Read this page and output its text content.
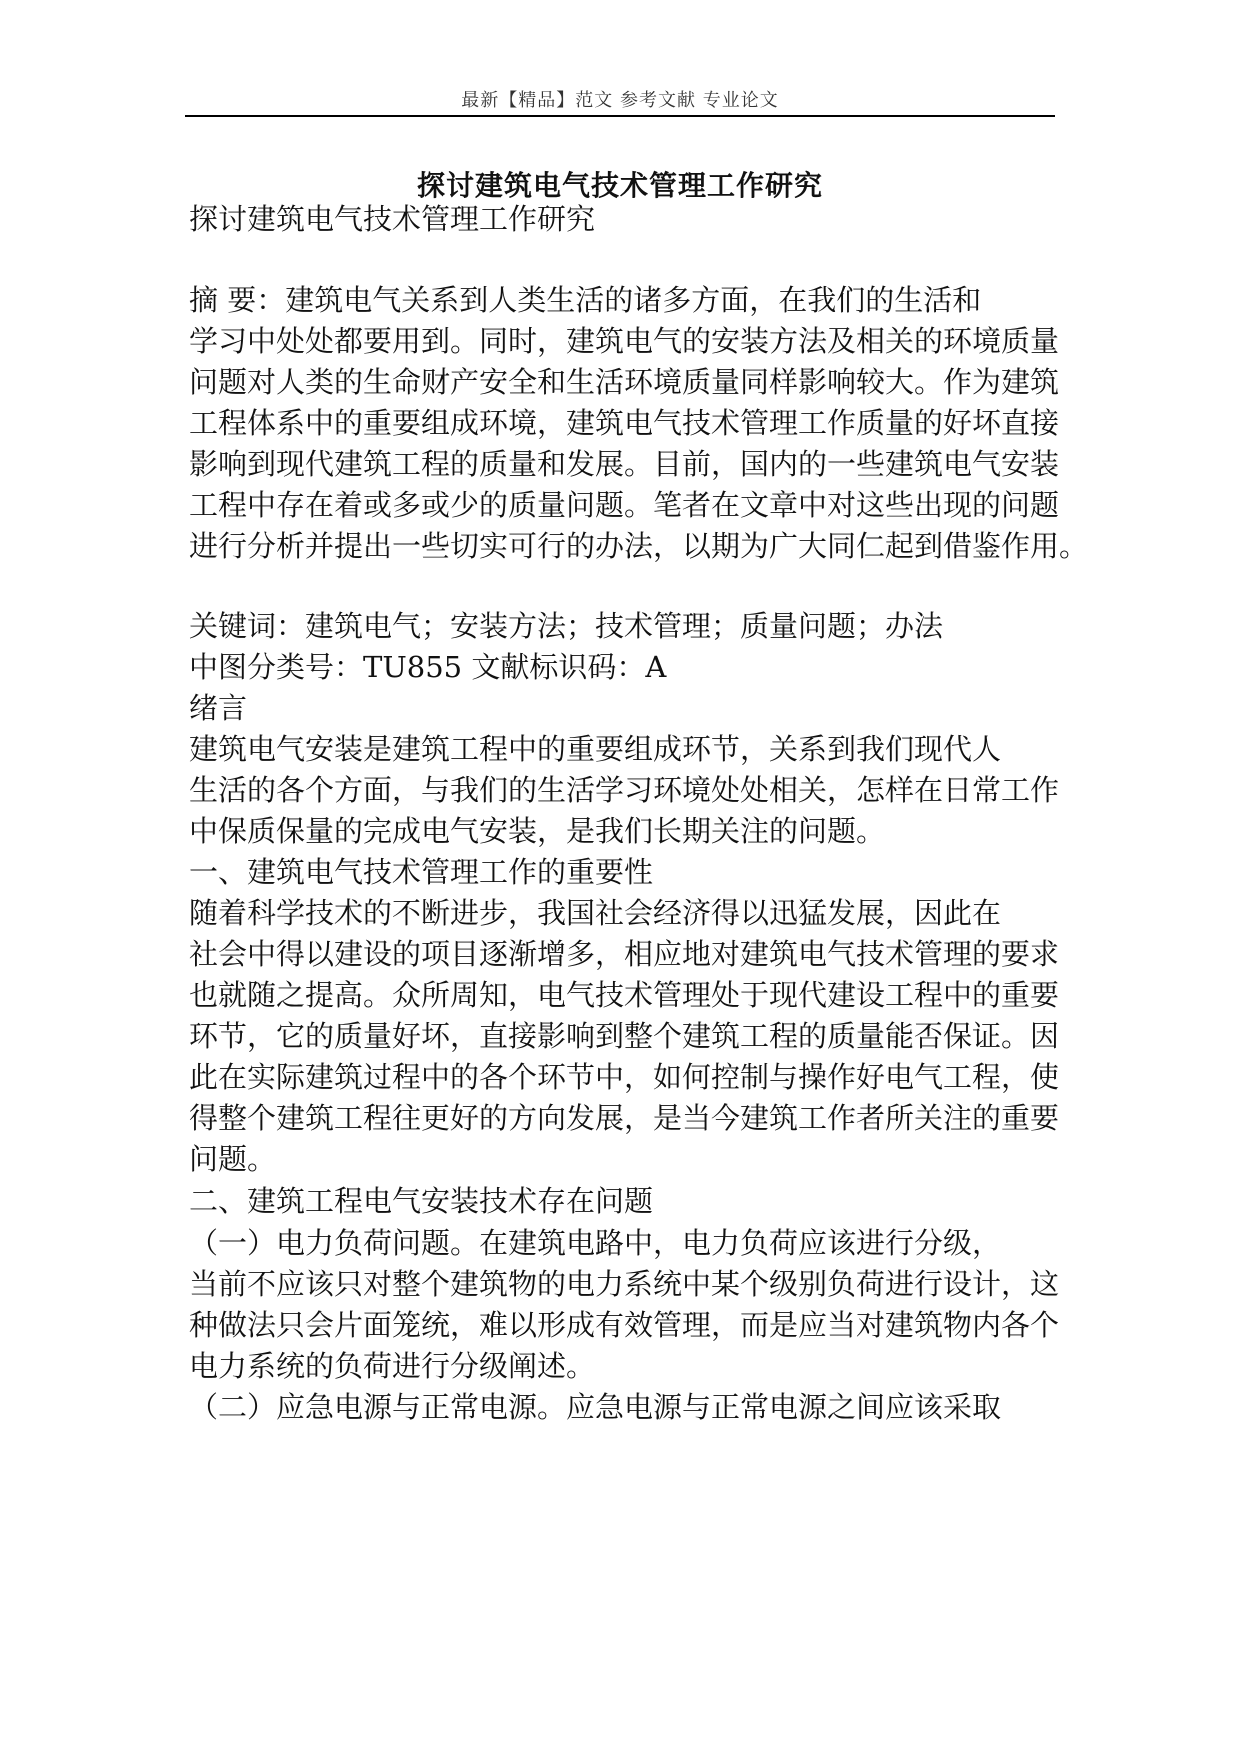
最新【精品】范文 参考文献 专业论文
探讨建筑电气技术管理工作研究
探讨建筑电气技术管理工作研究
摘 要：建筑电气关系到人类生活的诸多方面，在我们的生活和
学习中处处都要用到。同时，建筑电气的安装方法及相关的环境质量
问题对人类的生命财产安全和生活环境质量同样影响较大。作为建筑
工程体系中的重要组成环境，建筑电气技术管理工作质量的好坏直接
影响到现代建筑工程的质量和发展。目前，国内的一些建筑电气安装
工程中存在着或多或少的质量问题。笔者在文章中对这些出现的问题
进行分析并提出一些切实可行的办法，以期为广大同仁起到借鉴作用。
关键词：建筑电气；安装方法；技术管理；质量问题；办法
中图分类号：TU855 文献标识码：A
绪言
建筑电气安装是建筑工程中的重要组成环节，关系到我们现代人
生活的各个方面，与我们的生活学习环境处处相关，怎样在日常工作
中保质保量的完成电气安装，是我们长期关注的问题。
一、建筑电气技术管理工作的重要性
随着科学技术的不断进步，我国社会经济得以迅猛发展，因此在
社会中得以建设的项目逐渐增多，相应地对建筑电气技术管理的要求
也就随之提高。众所周知，电气技术管理处于现代建设工程中的重要
环节，它的质量好坏，直接影响到整个建筑工程的质量能否保证。因
此在实际建筑过程中的各个环节中，如何控制与操作好电气工程，使
得整个建筑工程往更好的方向发展，是当今建筑工作者所关注的重要
问题。
二、建筑工程电气安装技术存在问题
（一）电力负荷问题。在建筑电路中，电力负荷应该进行分级，
当前不应该只对整个建筑物的电力系统中某个级别负荷进行设计，这
种做法只会片面笼统，难以形成有效管理，而是应当对建筑物内各个
电力系统的负荷进行分级阐述。
（二）应急电源与正常电源。应急电源与正常电源之间应该采取
